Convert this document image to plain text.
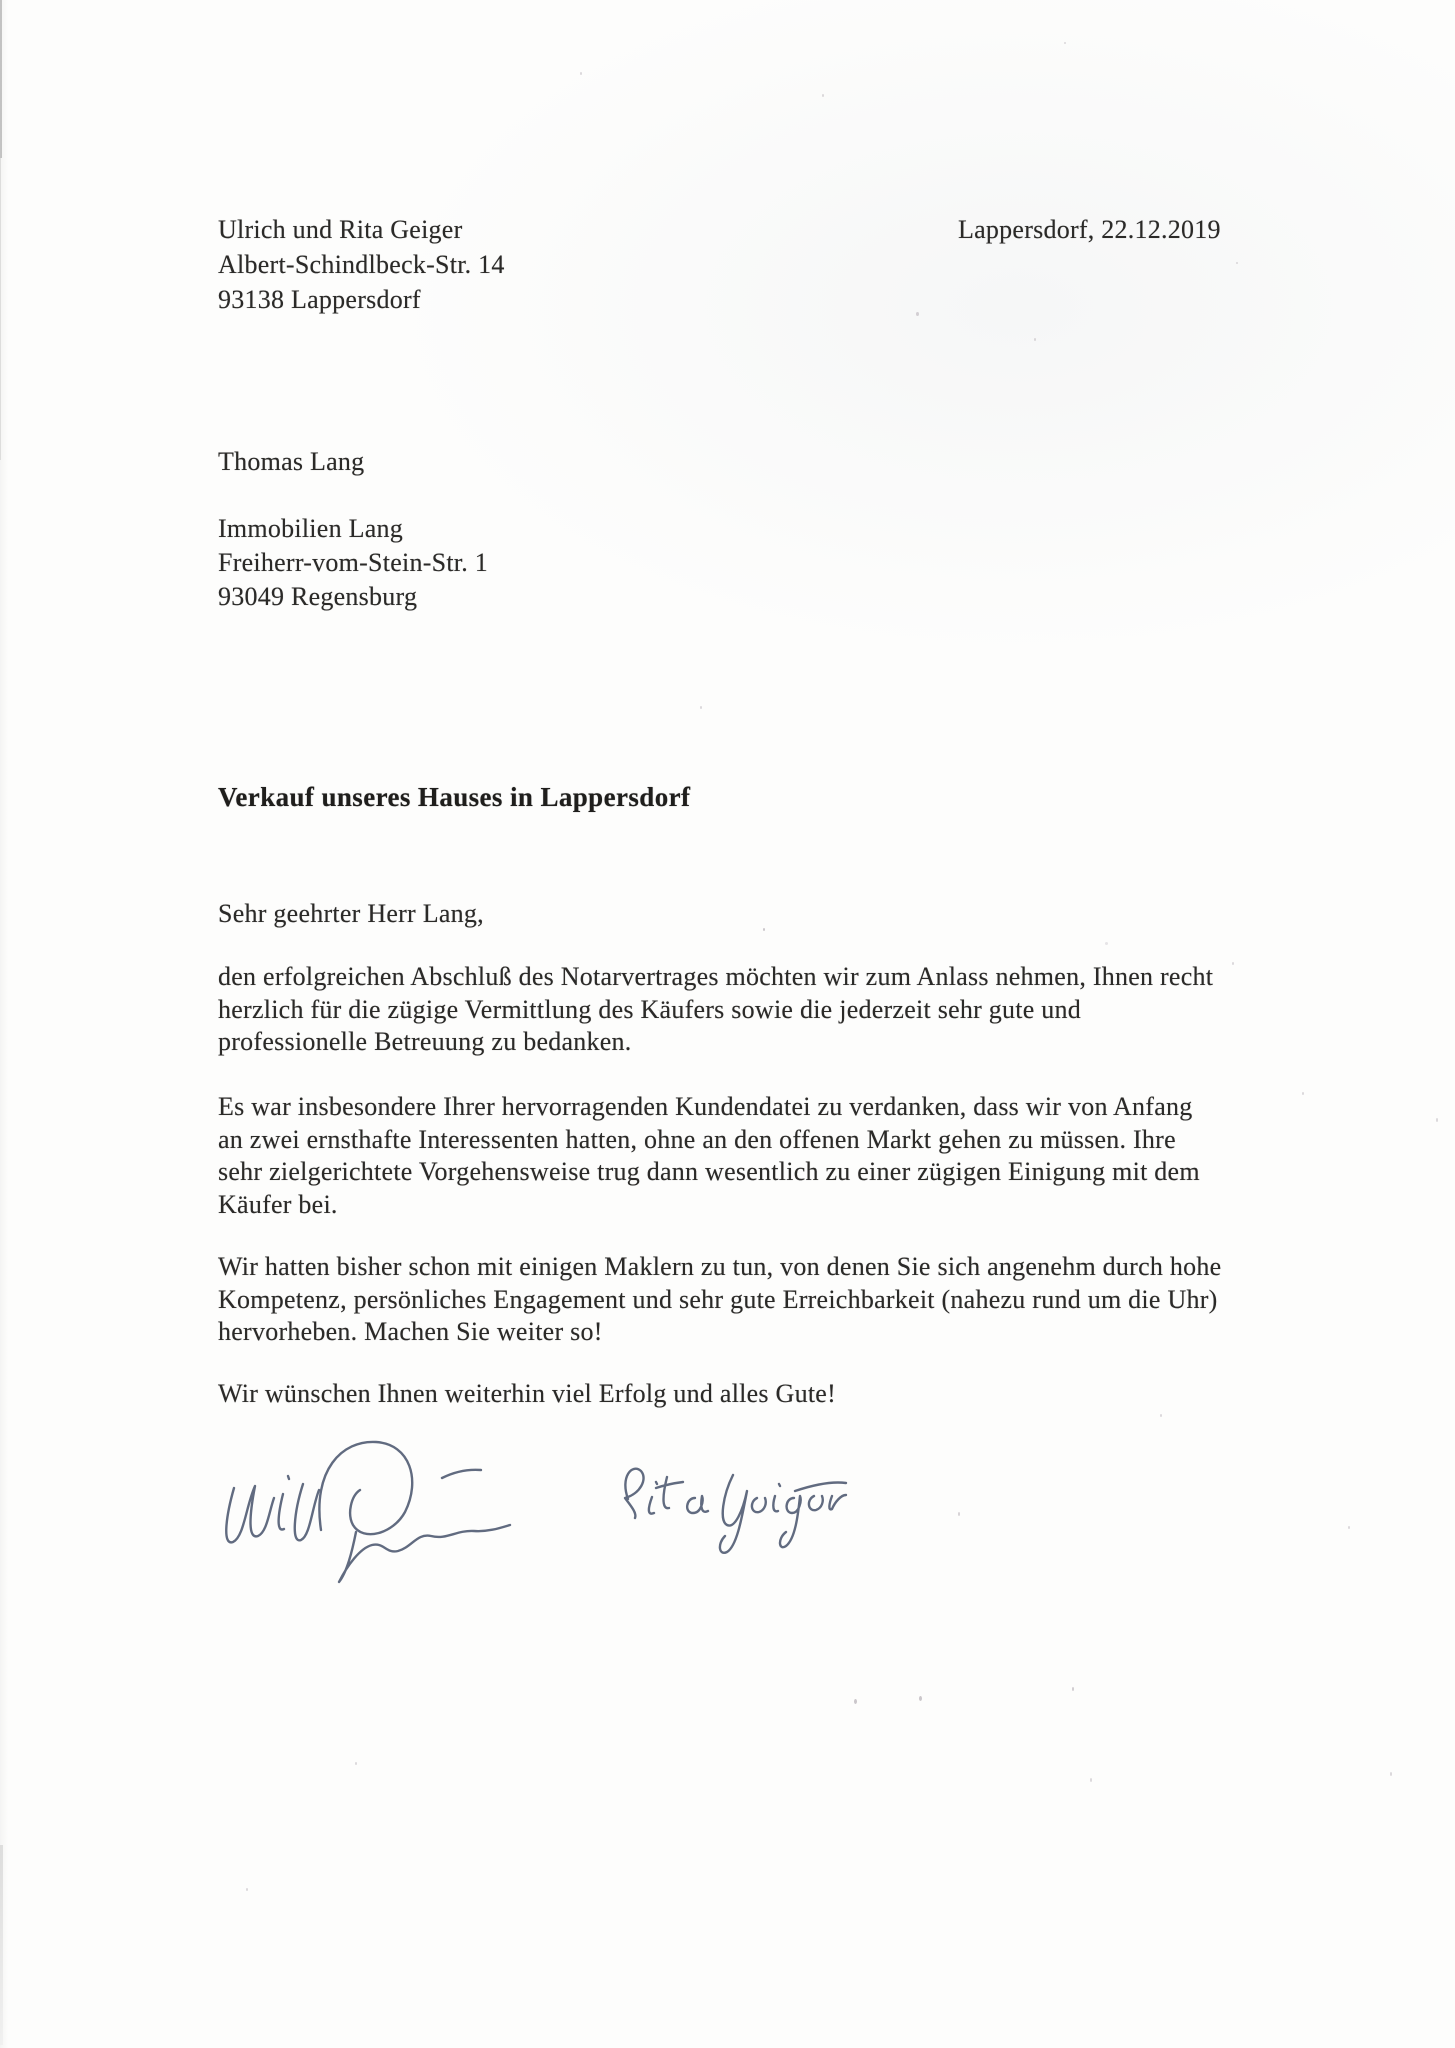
Ulrich und Rita Geiger
Albert-Schindlbeck-Str. 14
93138 Lappersdorf
Lappersdorf, 22.12.2019
Thomas Lang
Immobilien Lang
Freiherr-vom-Stein-Str. 1
93049 Regensburg
Verkauf unseres Hauses in Lappersdorf
Sehr geehrter Herr Lang,
den erfolgreichen Abschluß des Notarvertrages möchten wir zum Anlass nehmen, Ihnen recht
herzlich für die zügige Vermittlung des Käufers sowie die jederzeit sehr gute und
professionelle Betreuung zu bedanken.
Es war insbesondere Ihrer hervorragenden Kundendatei zu verdanken, dass wir von Anfang
an zwei ernsthafte Interessenten hatten, ohne an den offenen Markt gehen zu müssen. Ihre
sehr zielgerichtete Vorgehensweise trug dann wesentlich zu einer zügigen Einigung mit dem
Käufer bei.
Wir hatten bisher schon mit einigen Maklern zu tun, von denen Sie sich angenehm durch hohe
Kompetenz, persönliches Engagement und sehr gute Erreichbarkeit (nahezu rund um die Uhr)
hervorheben. Machen Sie weiter so!
Wir wünschen Ihnen weiterhin viel Erfolg und alles Gute!
